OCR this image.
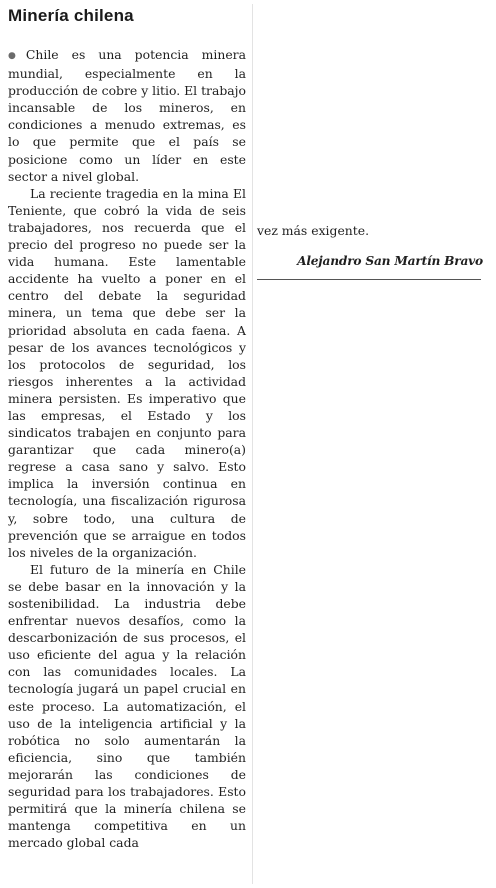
Minería chilena

●Chile es una potencia minera mundial, especialmente en la producción de cobre y litio. El trabajo incansable de los mineros, en condiciones a menudo extremas, es lo que permite que el país se posicione como un líder en este sector a nivel global.

La reciente tragedia en la mina El Teniente, que cobró la vida de seis trabajadores, nos recuerda que el precio del progreso no puede ser la vida humana. Este lamentable accidente ha vuelto a poner en el centro del debate la seguridad minera, un tema que debe ser la prioridad absoluta en cada faena. A pesar de los avances tecnológicos y los protocolos de seguridad, los riesgos inherentes a la actividad minera persisten. Es imperativo que las empresas, el Estado y los sindicatos trabajen en conjunto para garantizar que cada minero(a) regrese a casa sano y salvo. Esto implica la inversión continua en tecnología, una fiscalización rigurosa y, sobre todo, una cultura de prevención que se arraigue en todos los niveles de la organización.

El futuro de la minería en Chile se debe basar en la innovación y la sostenibilidad. La industria debe enfrentar nuevos desafíos, como la descarbonización de sus procesos, el uso eficiente del agua y la relación con las comunidades locales. La tecnología jugará un papel crucial en este proceso. La automatización, el uso de la inteligencia artificial y la robótica no solo aumentarán la eficiencia, sino que también mejorarán las condiciones de seguridad para los trabajadores. Esto permitirá que la minería chilena se mantenga competitiva en un mercado global cada

vez más exigente.

Alejandro San Martín Bravo
